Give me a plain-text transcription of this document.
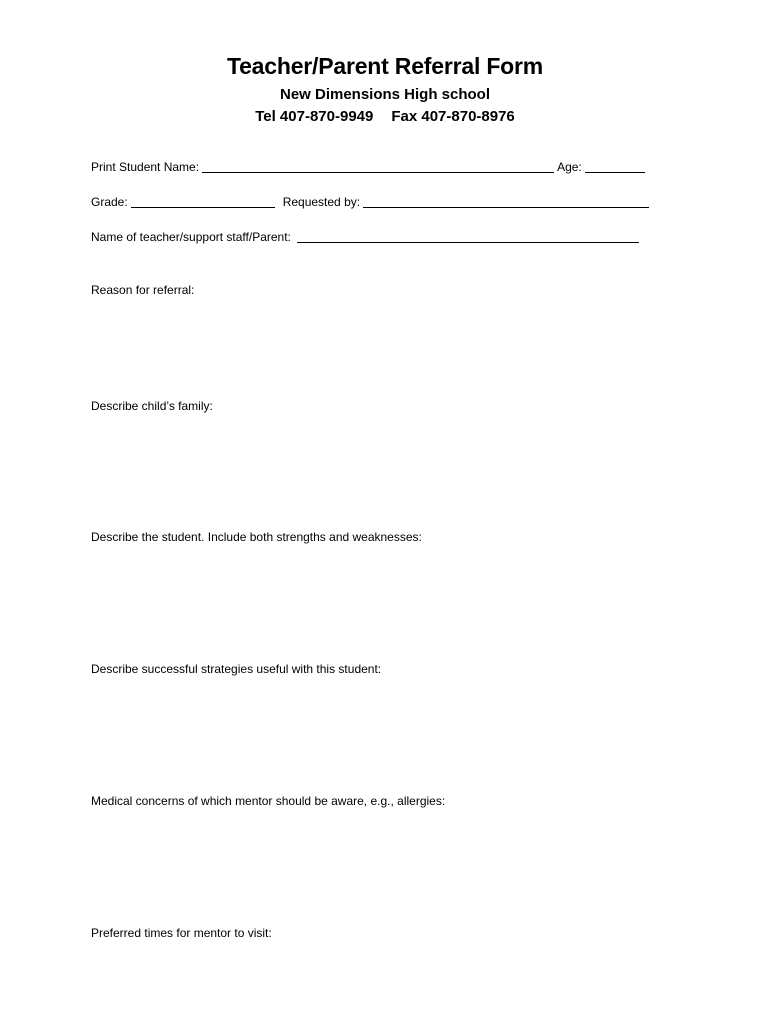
Teacher/Parent Referral Form
New Dimensions High school
Tel 407-870-9949 Fax 407-870-8976
Print Student Name:	Age:
Grade:	Requested by:
Name of teacher/support staff/Parent:
Reason for referral:
Describe child’s family:
Describe the student. Include both strengths and weaknesses:
Describe successful strategies useful with this student:
Medical concerns of which mentor should be aware, e.g., allergies:
Preferred times for mentor to visit:
